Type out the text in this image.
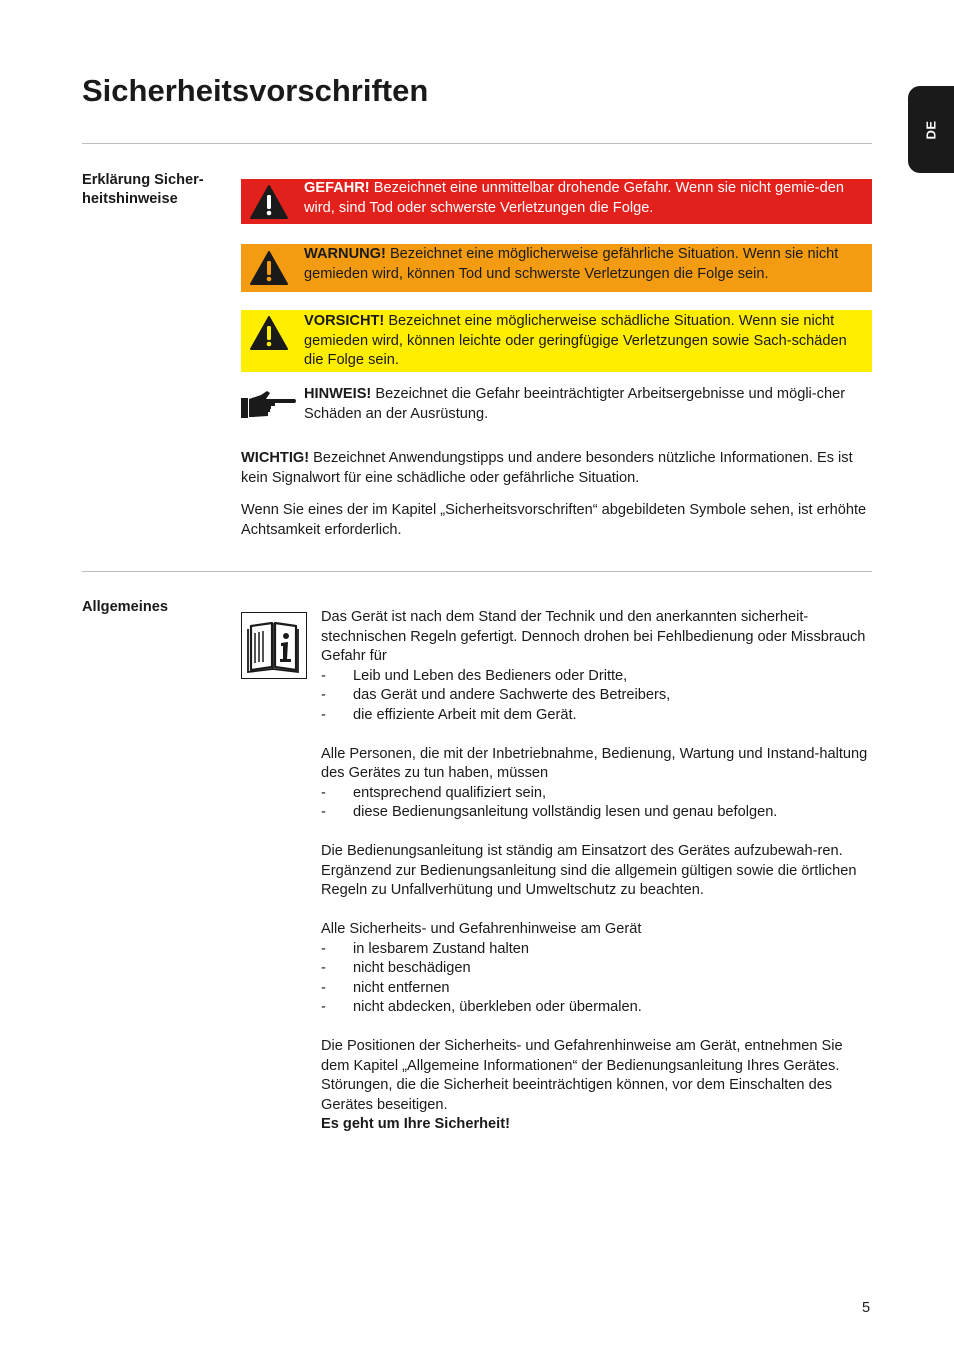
Sicherheitsvorschriften
DE
Erklärung Sicher-
heitshinweise
GEFAHR! Bezeichnet eine unmittelbar drohende Gefahr. Wenn sie nicht gemie-den wird, sind Tod oder schwerste Verletzungen die Folge.
WARNUNG! Bezeichnet eine möglicherweise gefährliche Situation. Wenn sie nicht gemieden wird, können Tod und schwerste Verletzungen die Folge sein.
VORSICHT! Bezeichnet eine möglicherweise schädliche Situation. Wenn sie nicht gemieden wird, können leichte oder geringfügige Verletzungen sowie Sach-schäden die Folge sein.
HINWEIS! Bezeichnet die Gefahr beeinträchtigter Arbeitsergebnisse und mögli-cher Schäden an der Ausrüstung.
WICHTIG! Bezeichnet Anwendungstipps und andere besonders nützliche Informationen. Es ist kein Signalwort für eine schädliche oder gefährliche Situation.
Wenn Sie eines der im Kapitel „Sicherheitsvorschriften“ abgebildeten Symbole sehen, ist erhöhte Achtsamkeit erforderlich.
Allgemeines

Das Gerät ist nach dem Stand der Technik und den anerkannten sicherheit-stechnischen Regeln gefertigt. Dennoch drohen bei Fehlbedienung oder Missbrauch Gefahr für

- Leib und Leben des Bedieners oder Dritte,
- das Gerät und andere Sachwerte des Betreibers,
- die effiziente Arbeit mit dem Gerät.

Alle Personen, die mit der Inbetriebnahme, Bedienung, Wartung und Instand-haltung des Gerätes zu tun haben, müssen

- entsprechend qualifiziert sein,
- diese Bedienungsanleitung vollständig lesen und genau befolgen.

Die Bedienungsanleitung ist ständig am Einsatzort des Gerätes aufzubewah-ren. Ergänzend zur Bedienungsanleitung sind die allgemein gültigen sowie die örtlichen Regeln zu Unfallverhütung und Umweltschutz zu beachten.

Alle Sicherheits- und Gefahrenhinweise am Gerät

- in lesbarem Zustand halten
- nicht beschädigen
- nicht entfernen
- nicht abdecken, überkleben oder übermalen.

Die Positionen der Sicherheits- und Gefahrenhinweise am Gerät, entnehmen Sie dem Kapitel „Allgemeine Informationen“ der Bedienungsanleitung Ihres Gerätes.

Störungen, die die Sicherheit beeinträchtigen können, vor dem Einschalten des Gerätes beseitigen.

Es geht um Ihre Sicherheit!

5
